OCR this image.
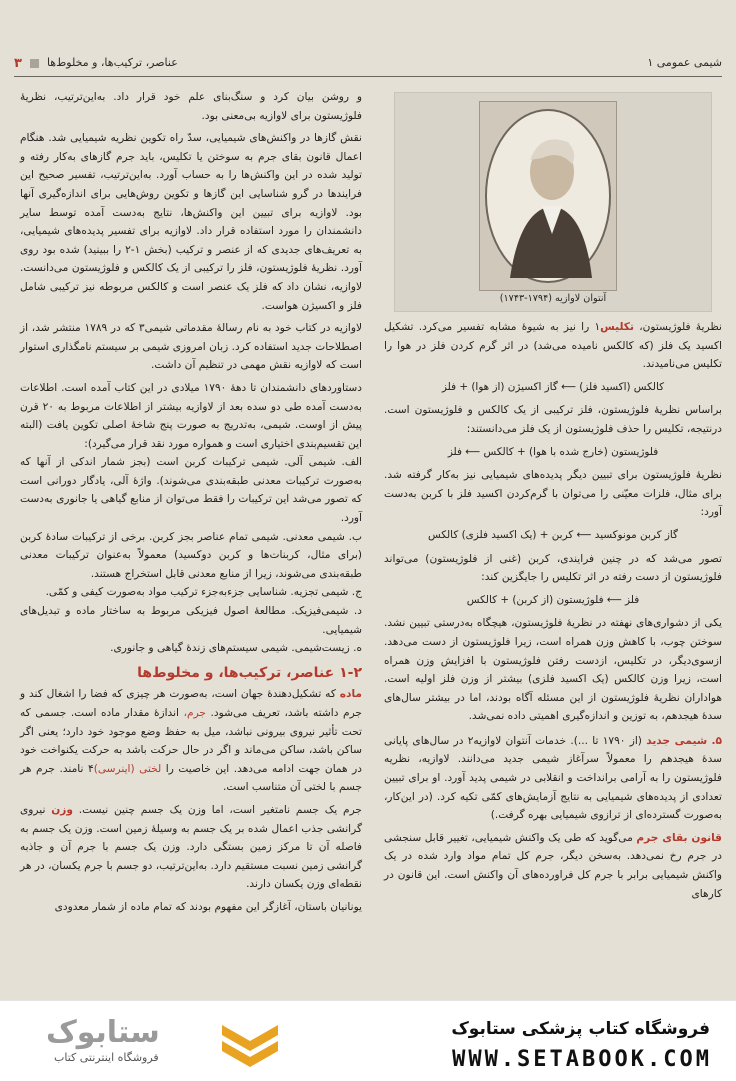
۳ عناصر، ترکیب‌ها، و مخلوط‌ها	شیمی عمومی ۱
آنتوان لاوازیه (۱۷۹۴-۱۷۴۳)

نظریهٔ فلوژیستون، تکلیس۱ را نیز به شیوهٔ مشابه تفسیر می‌کرد. تشکیل اکسید یک فلز (که کالکس نامیده می‌شد) در اثر گرم کردن فلز در هوا را تکلیس می‌نامیدند.

کالکس (اکسید فلز) ⟵ گاز اکسیژن (از هوا) + فلز

براساس نظریهٔ فلوژیستون، فلز ترکیبی از یک کالکس و فلوژیستون است. درنتیجه، تکلیس را حذف فلوژیستون از یک فلز می‌دانستند:

فلوژیستون (خارج شده با هوا) + کالکس ⟵ فلز

نظریهٔ فلوژیستون برای تبیین دیگر پدیده‌های شیمیایی نیز به‌کار گرفته شد. برای مثال، فلزات معیّنی را می‌توان با گرم‌کردن اکسید فلز با کربن به‌دست آورد:

گاز کربن مونوکسید ⟵ کربن + (یک اکسید فلزی) کالکس

تصور می‌شد که در چنین فرایندی، کربن (غنی از فلوژیستون) می‌تواند فلوژیستون از دست رفته در اثر تکلیس را جایگزین کند:

فلز ⟵ فلوژیستون (از کربن) + کالکس

یکی از دشواری‌های نهفته در نظریهٔ فلوژیستون، هیچگاه به‌درستی تبیین نشد. سوختن چوب، با کاهش وزن همراه است، زیرا فلوژیستون از دست می‌دهد. ازسوی‌دیگر، در تکلیس، ازدست رفتن فلوژیستون با افزایش وزن همراه است، زیرا وزن کالکس (یک اکسید فلزی) بیشتر از وزن فلز اولیه است. هواداران نظریهٔ فلوژیستون از این مسئله آگاه بودند، اما در بیشتر سال‌های سدهٔ هیجدهم، به توزین و اندازه‌گیری اهمیتی داده نمی‌شد.

۵. شیمی جدید (از ۱۷۹۰ تا ...). خدمات آنتوان لاوازیه۲ در سال‌های پایانی سدهٔ هیجدهم را معمولاً سرآغاز شیمی جدید می‌دانند. لاوازیه، نظریه فلوژیستون را به آرامی برانداخت و انقلابی در شیمی پدید آورد. او برای تبیین تعدادی از پدیده‌های شیمیایی به نتایج آزمایش‌های کمّی تکیه کرد. (در این‌کار، به‌صورت گسترده‌ای از ترازوی شیمیایی بهره گرفت.)

قانون بقای جرم می‌گوید که طی یک واکنش شیمیایی، تغییر قابل سنجشی در جرم رخ نمی‌دهد. به‌سخن دیگر، جرم کل تمام مواد وارد شده در یک واکنش شیمیایی برابر با جرم کل فراورده‌های آن واکنش است. این قانون در کارهای

و روشن بیان کرد و سنگ‌بنای علم خود قرار داد. به‌این‌ترتیب، نظریهٔ فلوژیستون برای لاوازیه بی‌معنی بود.

نقش گازها در واکنش‌های شیمیایی، سدّ راه تکوین نظریه شیمیایی شد. هنگام اعمال قانون بقای جرم به سوختن یا تکلیس، باید جرم گازهای به‌کار رفته و تولید شده در این واکنش‌ها را به حساب آورد. به‌این‌ترتیب، تفسیر صحیح این فرایندها در گرو شناسایی این گازها و تکوین روش‌هایی برای اندازه‌گیری آنها بود. لاوازیه برای تبیین این واکنش‌ها، نتایج به‌دست آمده توسط سایر دانشمندان را مورد استفاده قرار داد. لاوازیه برای تفسیر پدیده‌های شیمیایی، به تعریف‌های جدیدی که از عنصر و ترکیب (بخش ۱-۲ را ببینید) شده بود روی آورد. نظریهٔ فلوژیستون، فلز را ترکیبی از یک کالکس و فلوژیستون می‌دانست. لاوازیه، نشان داد که فلز یک عنصر است و کالکس مربوطه نیز ترکیبی شامل فلز و اکسیژن هواست.

لاوازیه در کتاب خود به نام رسالهٔ مقدماتی شیمی۳ که در ۱۷۸۹ منتشر شد، از اصطلاحات جدید استفاده کرد. زبان امروزی شیمی بر سیستم نامگذاری استوار است که لاوازیه نقش مهمی در تنظیم آن داشت.

دستاوردهای دانشمندان تا دههٔ ۱۷۹۰ میلادی در این کتاب آمده است. اطلاعات به‌دست آمده طی دو سده بعد از لاوازیه بیشتر از اطلاعات مربوط به ۲۰ قرن پیش از اوست. شیمی، به‌تدریج به صورت پنج شاخهٔ اصلی تکوین یافت (البته این تقسیم‌بندی اختیاری است و همواره مورد نقد قرار می‌گیرد):

الف. شیمی آلی. شیمی ترکیبات کربن است (بجز شمار اندکی از آنها که به‌صورت ترکیبات معدنی طبقه‌بندی می‌شوند). واژهٔ آلی، یادگار دورانی است که تصور می‌شد این ترکیبات را فقط می‌توان از منابع گیاهی یا جانوری به‌دست آورد.

ب. شیمی معدنی. شیمی تمام عناصر بجز کربن. برخی از ترکیبات سادهٔ کربن (برای مثال، کربنات‌ها و کربن دوکسید) معمولاً به‌عنوان ترکیبات معدنی طبقه‌بندی می‌شوند، زیرا از منابع معدنی قابل استخراج هستند.

ج. شیمی تجزیه. شناسایی جزءبه‌جزء ترکیب مواد به‌صورت کیفی و کمّی.

د. شیمی‌فیزیک. مطالعهٔ اصول فیزیکی مربوط به ساختار ماده و تبدیل‌های شیمیایی.

ه. زیست‌شیمی. شیمی سیستم‌های زندهٔ گیاهی و جانوری.

۱-۲ عناصر، ترکیب‌ها، و مخلوط‌ها

ماده که تشکیل‌دهندهٔ جهان است، به‌صورت هر چیزی که فضا را اشغال کند و جرم داشته باشد، تعریف می‌شود. جرم، اندازهٔ مقدار ماده است. جسمی که تحت تأثیر نیروی بیرونی نباشد، میل به حفظ وضع موجود خود دارد؛ یعنی اگر ساکن باشد، ساکن می‌ماند و اگر در حال حرکت باشد به حرکت یکنواخت خود در همان جهت ادامه می‌دهد. این خاصیت را لختی (اینرسی)۴ نامند. جرم هر جسم با لختی آن متناسب است.

جرم یک جسم نامتغیر است، اما وزن یک جسم چنین نیست. وزن نیروی گرانشی جذب اعمال شده بر یک جسم به وسیلهٔ زمین است. وزن یک جسم به فاصله آن تا مرکز زمین بستگی دارد. وزن یک جسم با جرم آن و جاذبه گرانشی زمین نسبت مستقیم دارد. به‌این‌ترتیب، دو جسم با جرم یکسان، در هر نقطه‌ای وزن یکسان دارند.

یونانیان باستان، آغازگر این مفهوم بودند که تمام ماده از شمار معدودی

ستابوک
فروشگاه اینترنتی کتاب
فروشگاه کتاب پزشکی ستابوک
WWW.SETABOOK.COM
